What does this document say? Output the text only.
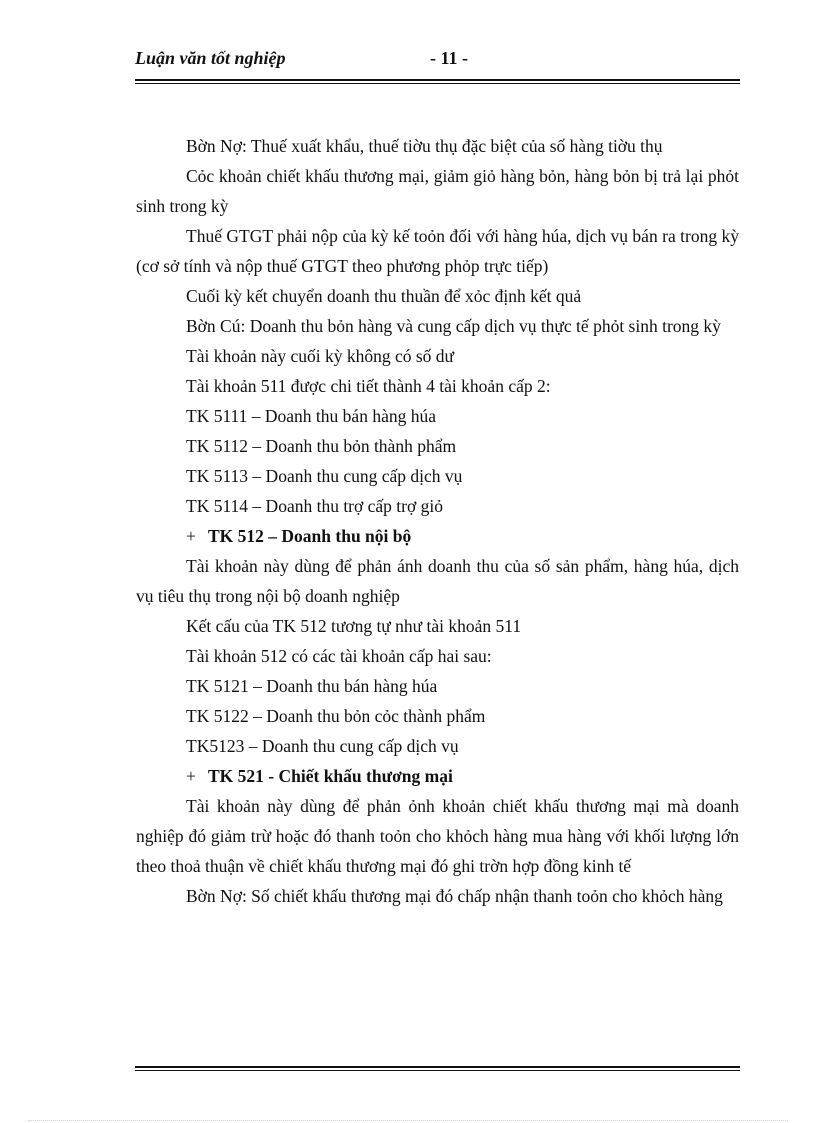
Luận văn tốt nghiệp	- 11 -

Bờn Nợ: Thuế xuất khẩu, thuế tiờu thụ đặc biệt của số hàng tiờu thụ

Cỏc khoản chiết khấu thương mại, giảm giỏ hàng bỏn, hàng bỏn bị trả lại phỏt sinh trong kỳ

Thuế GTGT phải nộp của kỳ kế toỏn đối với hàng húa, dịch vụ bán ra trong kỳ (cơ sở tính và nộp thuế GTGT theo phương phỏp trực tiếp)

Cuối kỳ kết chuyển doanh thu thuần để xỏc định kết quả

Bờn Cú: Doanh thu bỏn hàng và cung cấp dịch vụ thực tế phỏt sinh trong kỳ

Tài khoản này cuối kỳ không có số dư

Tài khoản 511 được chi tiết thành 4 tài khoản cấp 2:

TK 5111 – Doanh thu bán hàng húa

TK 5112 – Doanh thu bỏn thành phẩm

TK 5113 – Doanh thu cung cấp dịch vụ

TK 5114 – Doanh thu trợ cấp trợ giỏ

+ TK 512 – Doanh thu nội bộ

Tài khoản này dùng để phản ánh doanh thu của số sản phẩm, hàng húa, dịch vụ tiêu thụ trong nội bộ doanh nghiệp

Kết cấu của TK 512 tương tự như tài khoản 511

Tài khoản 512 có các tài khoản cấp hai sau:

TK 5121 – Doanh thu bán hàng húa

TK 5122 – Doanh thu bỏn cỏc thành phẩm

TK5123 – Doanh thu cung cấp dịch vụ

+ TK 521 - Chiết khấu thương mại

Tài khoản này dùng để phản ỏnh khoản chiết khấu thương mại mà doanh nghiệp đó giảm trừ hoặc đó thanh toỏn cho khỏch hàng mua hàng với khối lượng lớn theo thoả thuận về chiết khấu thương mại đó ghi trờn hợp đồng kinh tế

Bờn Nợ: Số chiết khấu thương mại đó chấp nhận thanh toỏn cho khỏch hàng
